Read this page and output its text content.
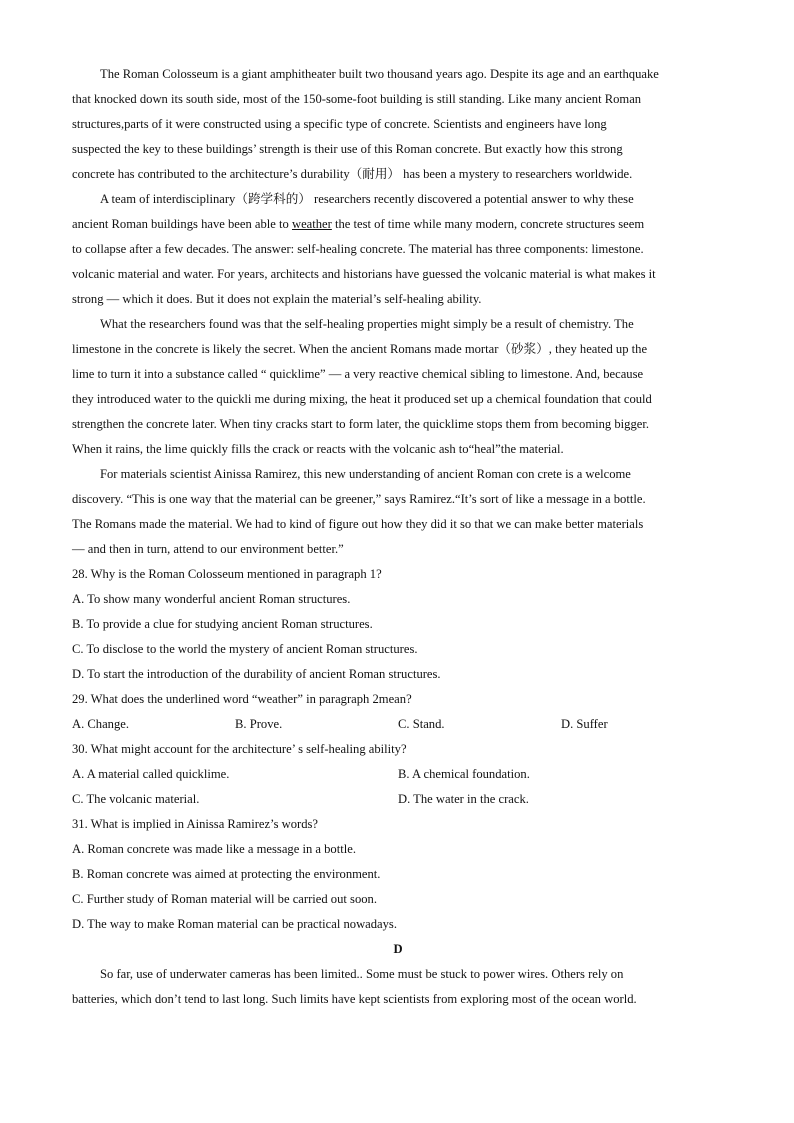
The Roman Colosseum is a giant amphitheater built two thousand years ago. Despite its age and an earthquake
that knocked down its south side, most of the 150-some-foot building is still standing. Like many ancient Roman
structures,parts of it were constructed using a specific type of concrete. Scientists and engineers have long
suspected the key to these buildings’ strength is their use of this Roman concrete. But exactly how this strong
concrete has contributed to the architecture’s durability（耐用） has been a mystery to researchers worldwide.
A team of interdisciplinary（跨学科的） researchers recently discovered a potential answer to why these
ancient Roman buildings have been able to weather the test of time while many modern, concrete structures seem
to collapse after a few decades. The answer: self-healing concrete. The material has three components: limestone.
volcanic material and water. For years, architects and historians have guessed the volcanic material is what makes it
strong — which it does. But it does not explain the material’s self-healing ability.
What the researchers found was that the self-healing properties might simply be a result of chemistry. The
limestone in the concrete is likely the secret. When the ancient Romans made mortar（砂浆）, they heated up the
lime to turn it into a substance called “ quicklime” — a very reactive chemical sibling to limestone. And, because
they introduced water to the quickli me during mixing, the heat it produced set up a chemical foundation that could
strengthen the concrete later. When tiny cracks start to form later, the quicklime stops them from becoming bigger.
When it rains, the lime quickly fills the crack or reacts with the volcanic ash to“heal”the material.
For materials scientist Ainissa Ramirez, this new understanding of ancient Roman con crete is a welcome
discovery. “This is one way that the material can be greener,” says Ramirez.“It’s sort of like a message in a bottle.
The Romans made the material. We had to kind of figure out how they did it so that we can make better materials
— and then in turn, attend to our environment better.”
28. Why is the Roman Colosseum mentioned in paragraph 1?
A. To show many wonderful ancient Roman structures.
B. To provide a clue for studying ancient Roman structures.
C. To disclose to the world the mystery of ancient Roman structures.
D. To start the introduction of the durability of ancient Roman structures.
29. What does the underlined word “weather” in paragraph 2mean?
A. Change.	B. Prove.	C. Stand.	D. Suffer
30. What might account for the architecture’ s self-healing ability?
A. A material called quicklime.	B. A chemical foundation.
C. The volcanic material.	D. The water in the crack.
31. What is implied in Ainissa Ramirez’s words?
A. Roman concrete was made like a message in a bottle.
B. Roman concrete was aimed at protecting the environment.
C. Further study of Roman material will be carried out soon.
D. The way to make Roman material can be practical nowadays.
D
So far, use of underwater cameras has been limited.. Some must be stuck to power wires. Others rely on
batteries, which don’t tend to last long. Such limits have kept scientists from exploring most of the ocean world.
